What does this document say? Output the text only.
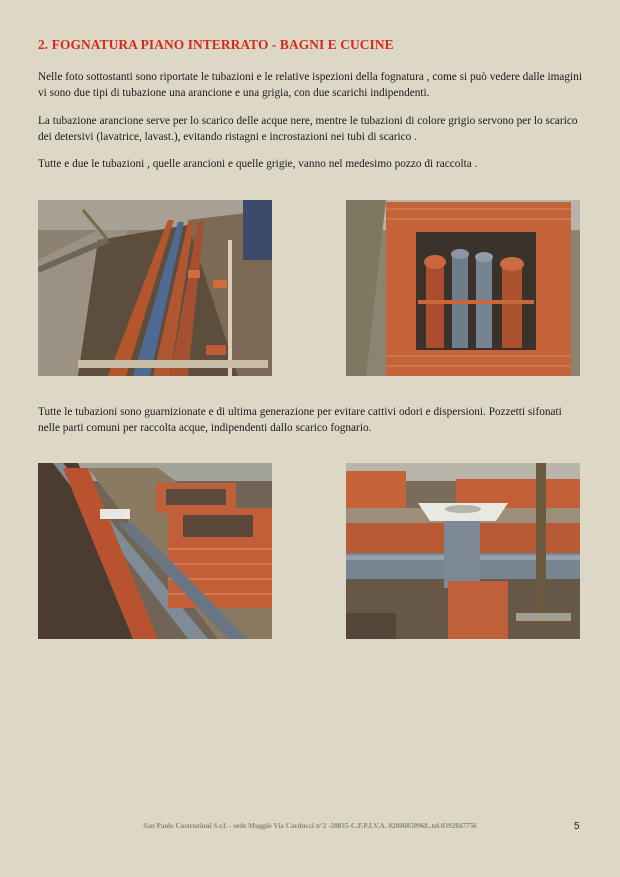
2. FOGNATURA PIANO INTERRATO - BAGNI E CUCINE
Nelle foto sottostanti sono riportate le tubazioni e le relative ispezioni della fognatura , come si può vedere dalle imagini vi sono due tipi di tubazione una arancione e una grigia, con due scarichi indipendenti.
La tubazione arancione serve per lo scarico delle acque nere, mentre le tubazioni di colore grigio servono per lo scarico dei detersivi (lavatrice, lavast.), evitando ristagni e incrostazioni nei tubi di scarico .
Tutte e due le tubazioni , quelle arancioni e quelle grigie, vanno nel medesimo pozzo di raccolta .
Tutte le tubazioni sono guarnizionate e di ultima generazione per evitare cattivi odori e dispersioni. Pozzetti sifonati nelle parti comuni per raccolta acque, indipendenti dallo scarico fognario.
San Paolo Costruzioni S.r.l. - sede Muggiò Via Carducci n°2 -20835-C.F.P.I.V.A. 02806850968..tel.0392847756	5
